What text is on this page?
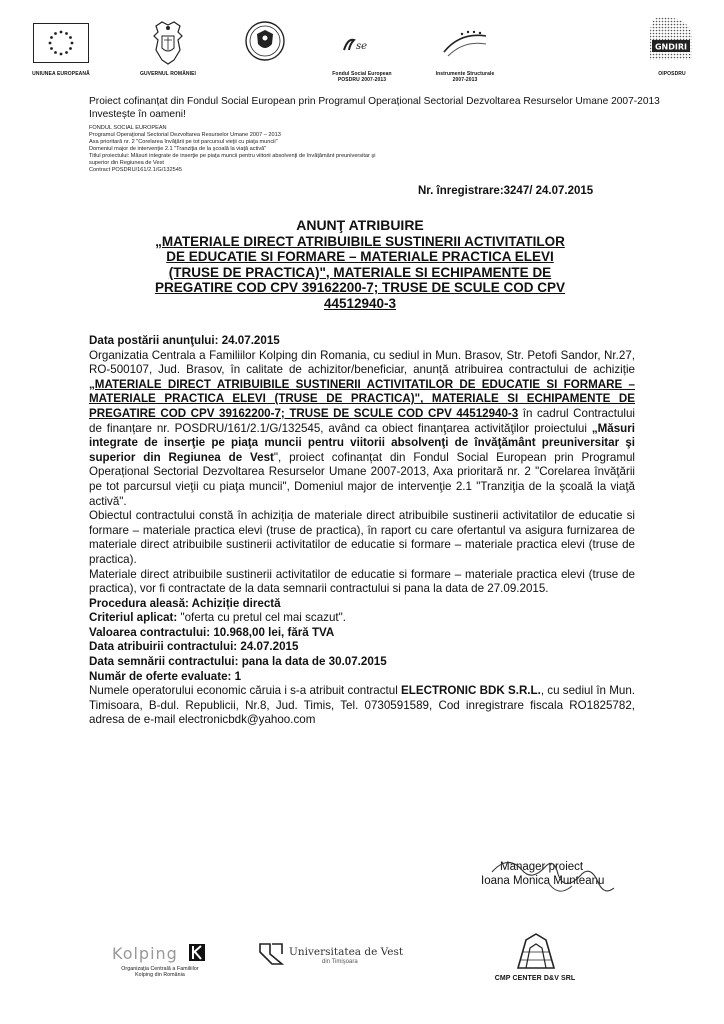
UNIUNEA EUROPEANĂ	GUVERNUL ROMÂNIEI
se
Fondul Social European
POSDRU 2007-2013
Instrumente Structurale
2007-2013
GNDIRI
OIPOSDRU
Proiect cofinanțat din Fondul Social European prin Programul Operațional Sectorial Dezvoltarea Resurselor Umane 2007-2013
Investește în oameni!
FONDUL SOCIAL EUROPEAN
Programul Operaţional Sectorial Dezvoltarea Resurselor Umane 2007 – 2013
Axa prioritară nr. 2 "Corelarea învăţării pe tot parcursul vieţii cu piaţa muncii"
Domeniul major de intervenţie 2.1 "Tranziţia de la şcoală la viaţă activă"
Titlul proiectului: Măsuri integrate de inserţie pe piaţa muncii pentru viitorii absolvenţi de învăţământ preuniversitar şi
superior din Regiunea de Vest
Contract POSDRU/161/2.1/G/132545
Nr. înregistrare:3247/ 24.07.2015
ANUNŢ ATRIBUIRE
„MATERIALE DIRECT ATRIBUIBILE SUSTINERII ACTIVITATILOR
DE EDUCATIE SI FORMARE – MATERIALE PRACTICA ELEVI
(TRUSE DE PRACTICA)", MATERIALE SI ECHIPAMENTE DE
PREGATIRE COD CPV 39162200-7; TRUSE DE SCULE COD CPV
44512940-3

Data postării anunţului: 24.07.2015

Organizatia Centrala a Familiilor Kolping din Romania, cu sediul in Mun. Brasov, Str. Petofi Sandor, Nr.27, RO-500107, Jud. Brasov, în calitate de achizitor/beneficiar, anunță atribuirea contractului de achiziție „MATERIALE DIRECT ATRIBUIBILE SUSTINERII ACTIVITATILOR DE EDUCATIE SI FORMARE – MATERIALE PRACTICA ELEVI (TRUSE DE PRACTICA)", MATERIALE SI ECHIPAMENTE DE PREGATIRE COD CPV 39162200-7; TRUSE DE SCULE COD CPV 44512940-3 în cadrul Contractului de finanțare nr. POSDRU/161/2.1/G/132545, având ca obiect finanţarea activităţilor proiectului „Măsuri integrate de inserţie pe piaţa muncii pentru viitorii absolvenţi de învăţământ preuniversitar şi superior din Regiunea de Vest", proiect cofinanțat din Fondul Social European prin Programul Operațional Sectorial Dezvoltarea Resurselor Umane 2007-2013, Axa prioritară nr. 2 "Corelarea învăţării pe tot parcursul vieţii cu piaţa muncii", Domeniul major de intervenţie 2.1 "Tranziţia de la şcoală la viaţă activă".

Obiectul contractului constă în achiziția de materiale direct atribuibile sustinerii activitatilor de educatie si formare – materiale practica elevi (truse de practica), în raport cu care ofertantul va asigura furnizarea de materiale direct atribuibile sustinerii activitatilor de educatie si formare – materiale practica elevi (truse de practica).

Materiale direct atribuibile sustinerii activitatilor de educatie si formare – materiale practica elevi (truse de practica), vor fi contractate de la data semnarii contractului si pana la data de 27.09.2015.

Procedura aleasă: Achiziție directă

Criteriul aplicat: "oferta cu pretul cel mai scazut".

Valoarea contractului: 10.968,00 lei, fără TVA

Data atribuirii contractului: 24.07.2015

Data semnării contractului: pana la data de 30.07.2015

Număr de oferte evaluate: 1

Numele operatorului economic căruia i s-a atribuit contractul ELECTRONIC BDK S.R.L., cu sediul în Mun. Timisoara, B-dul. Republicii, Nr.8, Jud. Timis, Tel. 0730591589, Cod inregistrare fiscala RO1825782, adresa de e-mail electronicbdk@yahoo.com

Manager proiect
Ioana Monica Munteanu
Kolping
Organizaţia Centrală a Familiilor
Kolping din România
Universitatea de Vest
din Timişoara
CMP CENTER D&V SRL
